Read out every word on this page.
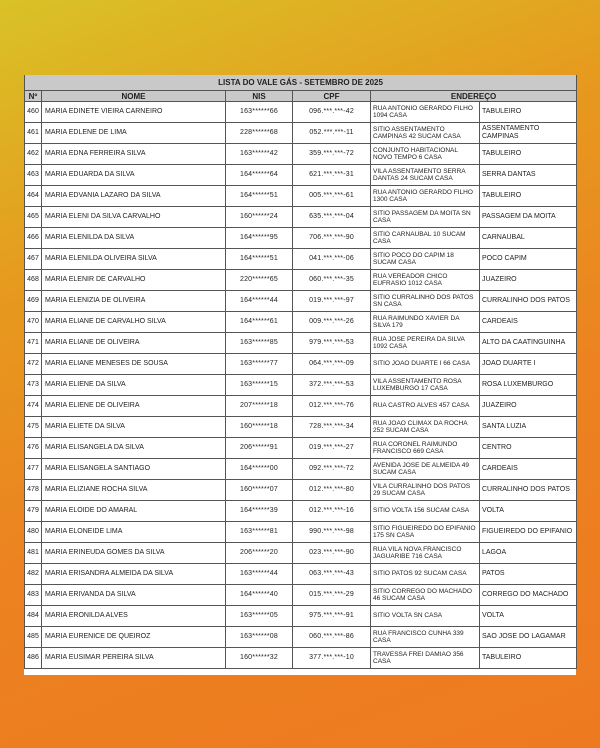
LISTA DO VALE GÁS - SETEMBRO DE 2025					
Nº	NOME	NIS	CPF	ENDEREÇO	
460	MARIA EDINETE VIEIRA CARNEIRO	163******66	096.***.***-42	RUA ANTONIO GERARDO FILHO 1094 CASA	TABULEIRO
461	MARIA EDLENE DE LIMA	228******68	052.***.***-11	SITIO ASSENTAMENTO CAMPINAS 42 SUCAM CASA	ASSENTAMENTO CAMPINAS
462	MARIA EDNA FERREIRA SILVA	163******42	359.***.***-72	CONJUNTO HABITACIONAL NOVO TEMPO 6 CASA	TABULEIRO
463	MARIA EDUARDA DA SILVA	164******64	621.***.***-31	VILA ASSENTAMENTO SERRA DANTAS 24 SUCAM CASA	SERRA DANTAS
464	MARIA EDVANIA LAZARO DA SILVA	164******51	005.***.***-61	RUA ANTONIO GERARDO FILHO 1300 CASA	TABULEIRO
465	MARIA ELENI DA SILVA CARVALHO	160******24	635.***.***-04	SITIO PASSAGEM DA MOITA SN CASA	PASSAGEM DA MOITA
466	MARIA ELENILDA DA SILVA	164******95	706.***.***-90	SITIO CARNAUBAL 10 SUCAM CASA	CARNAUBAL
467	MARIA ELENILDA OLIVEIRA SILVA	164******51	041.***.***-06	SITIO POCO DO CAPIM 18 SUCAM CASA	POCO CAPIM
468	MARIA ELENIR DE CARVALHO	220******65	060.***.***-35	RUA VEREADOR CHICO EUFRASIO 1012 CASA	JUAZEIRO
469	MARIA ELENIZIA DE OLIVEIRA	164******44	019.***.***-97	SITIO CURRALINHO DOS PATOS SN CASA	CURRALINHO DOS PATOS
470	MARIA ELIANE DE CARVALHO SILVA	164******61	009.***.***-26	RUA RAIMUNDO XAVIER DA SILVA 179	CARDEAIS
471	MARIA ELIANE DE OLIVEIRA	163******85	979.***.***-53	RUA JOSE PEREIRA DA SILVA 1092 CASA	ALTO DA CAATINGUINHA
472	MARIA ELIANE MENESES DE SOUSA	163******77	064.***.***-09	SITIO JOAO DUARTE I 66 CASA	JOAO DUARTE I
473	MARIA ELIENE DA SILVA	163******15	372.***.***-53	VILA ASSENTAMENTO ROSA LUXEMBURGO 17 CASA	ROSA LUXEMBURGO
474	MARIA ELIENE DE OLIVEIRA	207******18	012.***.***-76	RUA CASTRO ALVES 457 CASA	JUAZEIRO
475	MARIA ELIETE DA SILVA	160******18	728.***.***-34	RUA JOAO CLIMAX DA ROCHA 252 SUCAM CASA	SANTA LUZIA
476	MARIA ELISANGELA DA SILVA	206******91	019.***.***-27	RUA CORONEL RAIMUNDO FRANCISCO 669 CASA	CENTRO
477	MARIA ELISANGELA SANTIAGO	164******00	092.***.***-72	AVENIDA JOSE DE ALMEIDA 49 SUCAM CASA	CARDEAIS
478	MARIA ELIZIANE ROCHA SILVA	160******07	012.***.***-80	VILA CURRALINHO DOS PATOS 29 SUCAM CASA	CURRALINHO DOS PATOS
479	MARIA ELOIDE DO AMARAL	164******39	012.***.***-16	SITIO VOLTA 156 SUCAM CASA	VOLTA
480	MARIA ELONEIDE LIMA	163******81	990.***.***-98	SITIO FIGUEIREDO DO EPIFANIO 175 SN CASA	FIGUEIREDO DO EPIFANIO
481	MARIA ERINEUDA GOMES DA SILVA	206******20	023.***.***-90	RUA VILA NOVA FRANCISCO JAGUARIBE 716 CASA	LAGOA
482	MARIA ERISANDRA ALMEIDA DA SILVA	163******44	063.***.***-43	SITIO PATOS 92 SUCAM CASA	PATOS
483	MARIA ERIVANDA DA SILVA	164******40	015.***.***-29	SITIO CORREGO DO MACHADO 46 SUCAM CASA	CORREGO DO MACHADO
484	MARIA ERONILDA ALVES	163******05	975.***.***-91	SITIO VOLTA SN CASA	VOLTA
485	MARIA EURENICE DE QUEIROZ	163******08	060.***.***-86	RUA FRANCISCO CUNHA 339 CASA	SAO JOSE DO LAGAMAR
486	MARIA EUSIMAR PEREIRA SILVA	160******32	377.***.***-10	TRAVESSA FREI DAMIAO 356 CASA	TABULEIRO
